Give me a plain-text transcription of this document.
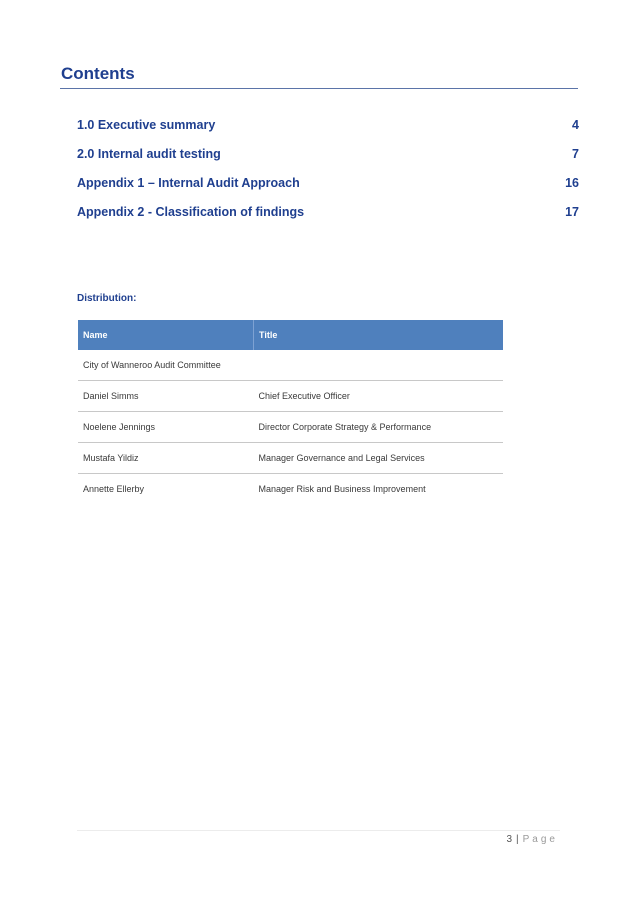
Contents
1.0 Executive summary	4
2.0 Internal audit testing	7
Appendix 1 – Internal Audit Approach	16
Appendix 2 - Classification of findings	17
Distribution:
Name	Title
City of Wanneroo Audit Committee	
Daniel Simms	Chief Executive Officer
Noelene Jennings	Director Corporate Strategy & Performance
Mustafa Yildiz	Manager Governance and Legal Services
Annette Ellerby	Manager Risk and Business Improvement
3 | Page
